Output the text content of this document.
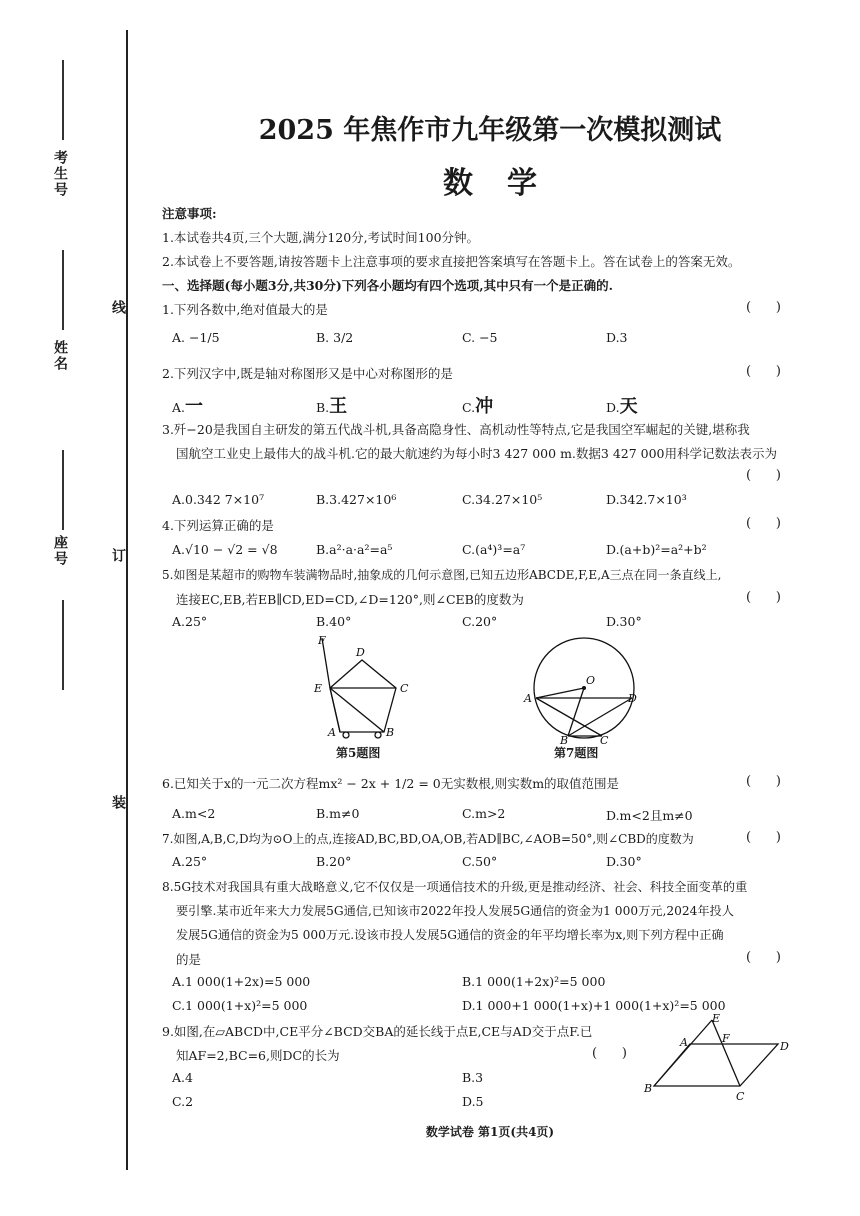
考生号
姓名
座号
线
订
装
2025 年焦作市九年级第一次模拟测试
数学
注意事项:
1.本试卷共4页,三个大题,满分120分,考试时间100分钟。
2.本试卷上不要答题,请按答题卡上注意事项的要求直接把答案填写在答题卡上。答在试卷上的答案无效。
一、选择题(每小题3分,共30分)下列各小题均有四个选项,其中只有一个是正确的.
1.下列各数中,绝对值最大的是	(      )
A. −1/5	B. 3/2	C. −5	D.3
2.下列汉字中,既是轴对称图形又是中心对称图形的是	(      )
A.一	B.王	C.冲	D.天
3.歼−20是我国自主研发的第五代战斗机,具备高隐身性、高机动性等特点,它是我国空军崛起的关键,堪称我
国航空工业史上最伟大的战斗机.它的最大航速约为每小时3 427 000 m.数据3 427 000用科学记数法表示为
(      )
A.0.342 7×10⁷	B.3.427×10⁶	C.34.27×10⁵	D.342.7×10³
4.下列运算正确的是	(      )
A.√10 − √2 = √8	B.a²·a·a²=a⁵	C.(a⁴)³=a⁷	D.(a+b)²=a²+b²
5.如图是某超市的购物车装满物品时,抽象成的几何示意图,已知五边形ABCDE,F,E,A三点在同一条直线上,
连接EC,EB,若EB∥CD,ED=CD,∠D=120°,则∠CEB的度数为	(      )
A.25°	B.40°	C.20°	D.30°
F
D
E	C
A	B
第5题图
O
A	D
B	C
第7题图
6.已知关于x的一元二次方程mx² − 2x + 1/2 = 0无实数根,则实数m的取值范围是	(      )
A.m<2	B.m≠0	C.m>2	D.m<2且m≠0
7.如图,A,B,C,D均为⊙O上的点,连接AD,BC,BD,OA,OB,若AD∥BC,∠AOB=50°,则∠CBD的度数为	(      )
A.25°	B.20°	C.50°	D.30°
8.5G技术对我国具有重大战略意义,它不仅仅是一项通信技术的升级,更是推动经济、社会、科技全面变革的重
要引擎.某市近年来大力发展5G通信,已知该市2022年投人发展5G通信的资金为1 000万元,2024年投人
发展5G通信的资金为5 000万元.设该市投人发展5G通信的资金的年平均增长率为x,则下列方程中正确
的是	(      )
A.1 000(1+2x)=5 000	B.1 000(1+2x)²=5 000
C.1 000(1+x)²=5 000	D.1 000+1 000(1+x)+1 000(1+x)²=5 000
9.如图,在▱ABCD中,CE平分∠BCD交BA的延长线于点E,CE与AD交于点F.已
知AF=2,BC=6,则DC的长为	(      )
A.4	B.3
C.2	D.5
E
A	F
D
B
C
数学试卷 第1页(共4页)
